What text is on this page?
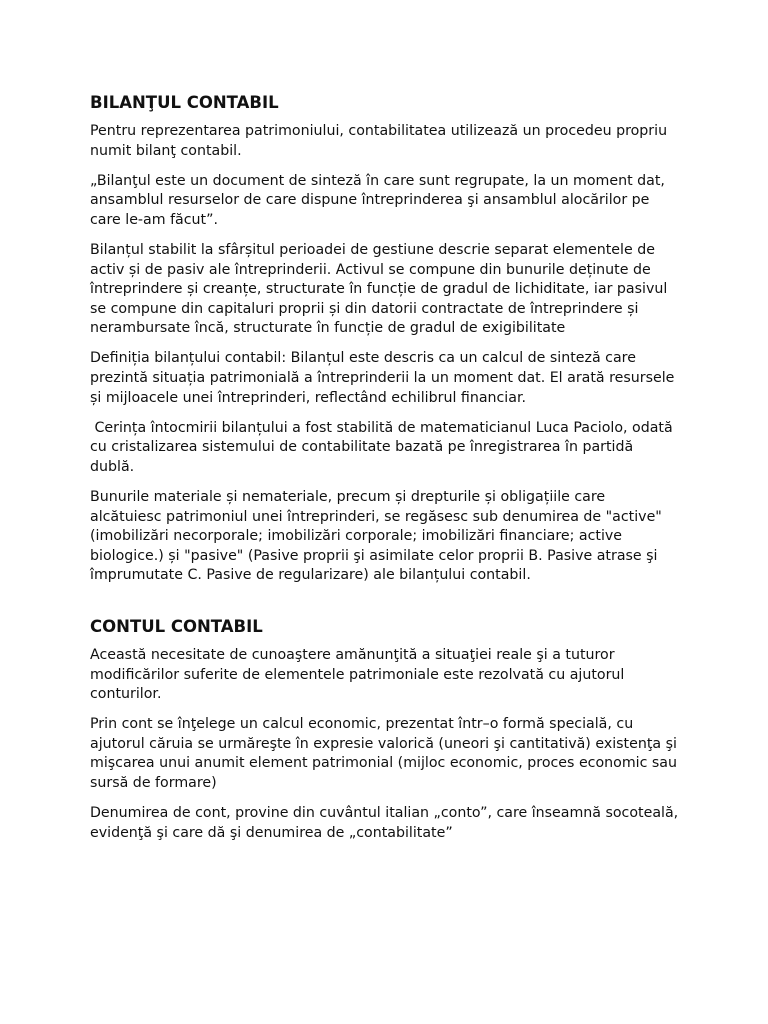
BILANŢUL CONTABIL

Pentru reprezentarea patrimoniului, contabilitatea utilizează un procedeu propriu numit bilanţ contabil.

„Bilanţul este un document de sinteză în care sunt regrupate, la un moment dat, ansamblul resurselor de care dispune întreprinderea şi ansamblul alocărilor pe care le-am făcut”.

Bilanțul stabilit la sfârșitul perioadei de gestiune descrie separat elementele de activ și de pasiv ale întreprinderii. Activul se compune din bunurile deținute de întreprindere și creanțe, structurate în funcție de gradul de lichiditate, iar pasivul se compune din capitaluri proprii și din datorii contractate de întreprindere și nerambursate încă, structurate în funcție de gradul de exigibilitate

Definiția bilanțului contabil: Bilanțul este descris ca un calcul de sinteză care prezintă situația patrimonială a întreprinderii la un moment dat. El arată resursele și mijloacele unei întreprinderi, reflectând echilibrul financiar.

Cerința întocmirii bilanțului a fost stabilită de matematicianul Luca Paciolo, odată cu cristalizarea sistemului de contabilitate bazată pe înregistrarea în partidă dublă.

Bunurile materiale și nemateriale, precum și drepturile și obligațiile care alcătuiesc patrimoniul unei întreprinderi, se regăsesc sub denumirea de "active"(imobilizări necorporale; imobilizări corporale; imobilizări financiare; active biologice.) și "pasive" (Pasive proprii şi asimilate celor proprii B. Pasive atrase şi împrumutate C. Pasive de regularizare) ale bilanțului contabil.

CONTUL CONTABIL

Această necesitate de cunoaştere amănunţită a situaţiei reale şi a tuturor modificărilor suferite de elementele patrimoniale este rezolvată cu ajutorul conturilor.

Prin cont se înţelege un calcul economic, prezentat într–o formă specială, cu ajutorul căruia se urmăreşte în expresie valorică (uneori şi cantitativă) existenţa şi mişcarea unui anumit element patrimonial (mijloc economic, proces economic sau sursă de formare)

Denumirea de cont, provine din cuvântul italian „conto”, care înseamnă socoteală, evidenţă şi care dă şi denumirea de „contabilitate”
